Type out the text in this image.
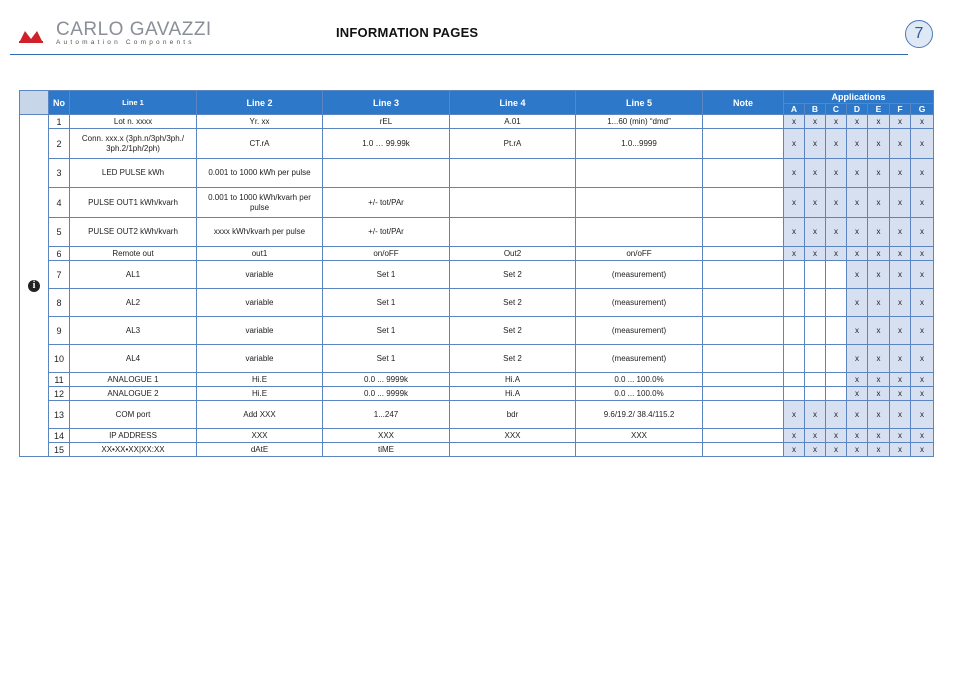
CARLO GAVAZZI
Automation Components
INFORMATION PAGES	7
	No	Line 1	Line 2	Line 3	Line 4	Line 5	Note	Applications						
								A	B	C	D	E	F	G
i	1	Lot n. xxxx	Yr. xx	rEL	A.01	1...60 (min) “dmd”		x	x	x	x	x	x	x
	2	Conn. xxx.x (3ph.n/3ph/3ph./ 3ph.2/1ph/2ph)	CT.rA	1.0 … 99.99k	Pt.rA	1.0...9999		x	x	x	x	x	x	x
	3	LED PULSE kWh	0.001 to 1000 kWh per pulse					x	x	x	x	x	x	x
	4	PULSE OUT1 kWh/kvarh	0.001 to 1000 kWh/kvarh per pulse	+/- tot/PAr				x	x	x	x	x	x	x
	5	PULSE OUT2 kWh/kvarh	xxxx kWh/kvarh per pulse	+/- tot/PAr				x	x	x	x	x	x	x
	6	Remote out	out1	on/oFF	Out2	on/oFF		x	x	x	x	x	x	x
	7	AL1	variable	Set 1	Set 2	(measurement)					x	x	x	x
	8	AL2	variable	Set 1	Set 2	(measurement)					x	x	x	x
	9	AL3	variable	Set 1	Set 2	(measurement)					x	x	x	x
	10	AL4	variable	Set 1	Set 2	(measurement)					x	x	x	x
	11	ANALOGUE 1	Hi.E	0.0 ... 9999k	Hi.A	0.0 ... 100.0%					x	x	x	x
	12	ANALOGUE 2	Hi.E	0.0 ... 9999k	Hi.A	0.0 ... 100.0%					x	x	x	x
	13	COM port	Add XXX	1...247	bdr	9.6/19.2/ 38.4/115.2		x	x	x	x	x	x	x
	14	IP ADDRESS	XXX	XXX	XXX	XXX		x	x	x	x	x	x	x
	15	XX•XX•XX|XX:XX	dAtE	tiME				x	x	x	x	x	x	x
